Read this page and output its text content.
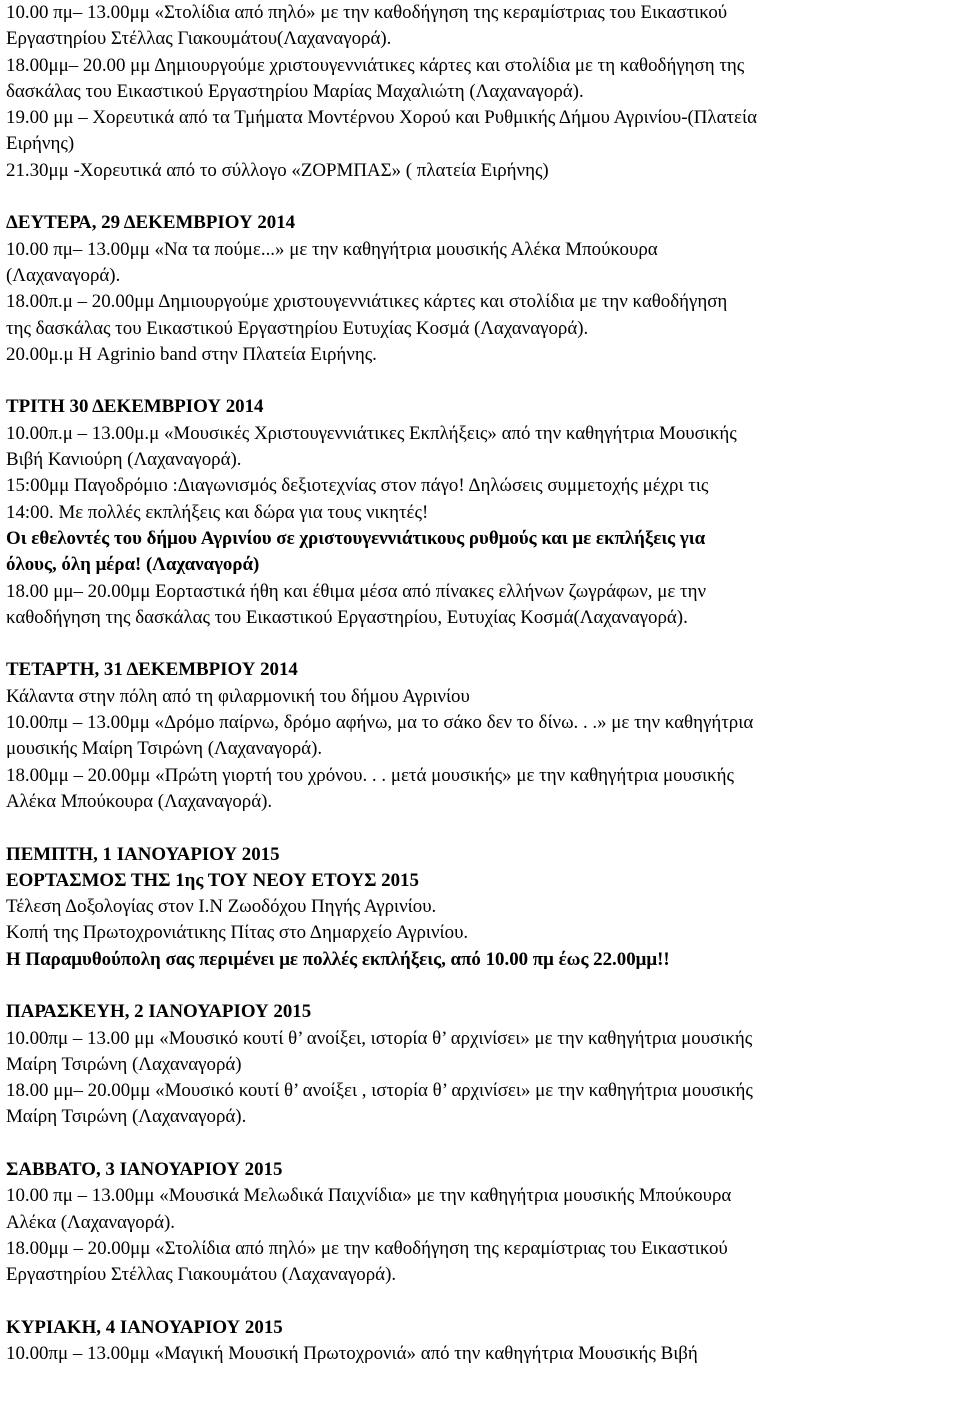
10.00 πμ– 13.00μμ «Στολίδια από πηλό» με την καθοδήγηση της κεραμίστριας του Εικαστικού

Εργαστηρίου Στέλλας Γιακουμάτου(Λαχαναγορά).

18.00μμ– 20.00 μμ Δημιουργούμε χριστουγεννιάτικες κάρτες και στολίδια με τη καθοδήγηση της

δασκάλας του Εικαστικού Εργαστηρίου Μαρίας Μαχαλιώτη (Λαχαναγορά).

19.00 μμ – Χορευτικά από τα Τμήματα Μοντέρνου Χορού και Ρυθμικής Δήμου Αγρινίου-(Πλατεία

Ειρήνης)

21.30μμ -Χορευτικά από το σύλλογο «ΖΟΡΜΠΑΣ» ( πλατεία Ειρήνης)

ΔΕΥΤΕΡΑ, 29 ΔΕΚΕΜΒΡΙΟΥ 2014

10.00 πμ– 13.00μμ «Να τα πούμε...» με την καθηγήτρια μουσικής Αλέκα Μπούκουρα

(Λαχαναγορά).

18.00π.μ – 20.00μμ Δημιουργούμε χριστουγεννιάτικες κάρτες και στολίδια με την καθοδήγηση

της δασκάλας του Εικαστικού Εργαστηρίου Ευτυχίας Κοσμά (Λαχαναγορά).

20.00μ.μ Η Agrinio band στην Πλατεία Ειρήνης.

ΤΡΙΤΗ 30 ΔΕΚΕΜΒΡΙΟΥ 2014

10.00π.μ – 13.00μ.μ «Μουσικές Χριστουγεννιάτικες Εκπλήξεις» από την καθηγήτρια Μουσικής

Βιβή Κανιούρη (Λαχαναγορά).

15:00μμ Παγοδρόμιο :Διαγωνισμός δεξιοτεχνίας στον πάγο! Δηλώσεις συμμετοχής μέχρι τις

14:00. Με πολλές εκπλήξεις και δώρα για τους νικητές!

Οι εθελοντές του δήμου Αγρινίου σε χριστουγεννιάτικους ρυθμούς και με εκπλήξεις για

όλους, όλη μέρα! (Λαχαναγορά)

18.00 μμ– 20.00μμ Εορταστικά ήθη και έθιμα μέσα από πίνακες ελλήνων ζωγράφων, με την

καθοδήγηση της δασκάλας του Εικαστικού Εργαστηρίου, Ευτυχίας Κοσμά(Λαχαναγορά).

ΤΕΤΑΡΤΗ, 31 ΔΕΚΕΜΒΡΙΟΥ 2014

Κάλαντα στην πόλη από τη φιλαρμονική του δήμου Αγρινίου

10.00πμ – 13.00μμ «Δρόμο παίρνω, δρόμο αφήνω, μα το σάκο δεν το δίνω. . .» με την καθηγήτρια

μουσικής Μαίρη Τσιρώνη (Λαχαναγορά).

18.00μμ – 20.00μμ «Πρώτη γιορτή του χρόνου. . . μετά μουσικής» με την καθηγήτρια μουσικής

Αλέκα Μπούκουρα (Λαχαναγορά).

ΠΕΜΠΤΗ, 1 ΙΑΝΟΥΑΡΙΟΥ 2015

ΕΟΡΤΑΣΜΟΣ ΤΗΣ 1ης ΤΟΥ ΝΕΟΥ ΕΤΟΥΣ 2015

Τέλεση Δοξολογίας στον Ι.Ν Ζωοδόχου Πηγής Αγρινίου.

Κοπή της Πρωτοχρονιάτικης Πίτας στο Δημαρχείο Αγρινίου.

Η Παραμυθούπολη σας περιμένει με πολλές εκπλήξεις, από 10.00 πμ έως 22.00μμ!!

ΠΑΡΑΣΚΕΥΗ, 2 ΙΑΝΟΥΑΡΙΟΥ 2015

10.00πμ – 13.00 μμ «Μουσικό κουτί θ’ ανοίξει, ιστορία θ’ αρχινίσει» με την καθηγήτρια μουσικής

Μαίρη Τσιρώνη (Λαχαναγορά)

18.00 μμ– 20.00μμ «Μουσικό κουτί θ’ ανοίξει , ιστορία θ’ αρχινίσει» με την καθηγήτρια μουσικής

Μαίρη Τσιρώνη (Λαχαναγορά).

ΣΑΒΒΑΤΟ, 3 ΙΑΝΟΥΑΡΙΟΥ 2015

10.00 πμ – 13.00μμ «Μουσικά Μελωδικά Παιχνίδια» με την καθηγήτρια μουσικής Μπούκουρα

Αλέκα (Λαχαναγορά).

18.00μμ – 20.00μμ «Στολίδια από πηλό» με την καθοδήγηση της κεραμίστριας του Εικαστικού

Εργαστηρίου Στέλλας Γιακουμάτου (Λαχαναγορά).

ΚΥΡΙΑΚΗ, 4 ΙΑΝΟΥΑΡΙΟΥ 2015

10.00πμ – 13.00μμ «Μαγική Μουσική Πρωτοχρονιά» από την καθηγήτρια Μουσικής Βιβή
